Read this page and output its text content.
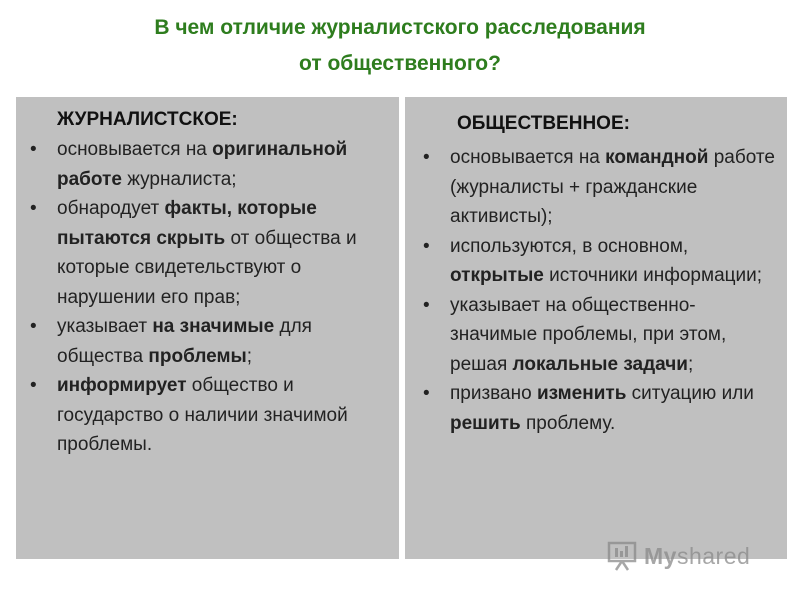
В чем отличие журналистского расследования
от общественного?
ЖУРНАЛИСТСКОЕ:
• основывается на оригинальной работе журналиста;
• обнародует факты, которые пытаются скрыть от общества и которые свидетельствуют о нарушении его прав;
• указывает на значимые для общества проблемы;
• информирует общество и государство о наличии значимой проблемы.
ОБЩЕСТВЕННОЕ:
• основывается на командной работе (журналисты + гражданские активисты);
• используются, в основном, открытые источники информации;
• указывает на общественно-значимые проблемы, при этом, решая локальные задачи;
• призвано изменить ситуацию или решить проблему.
Myshared
